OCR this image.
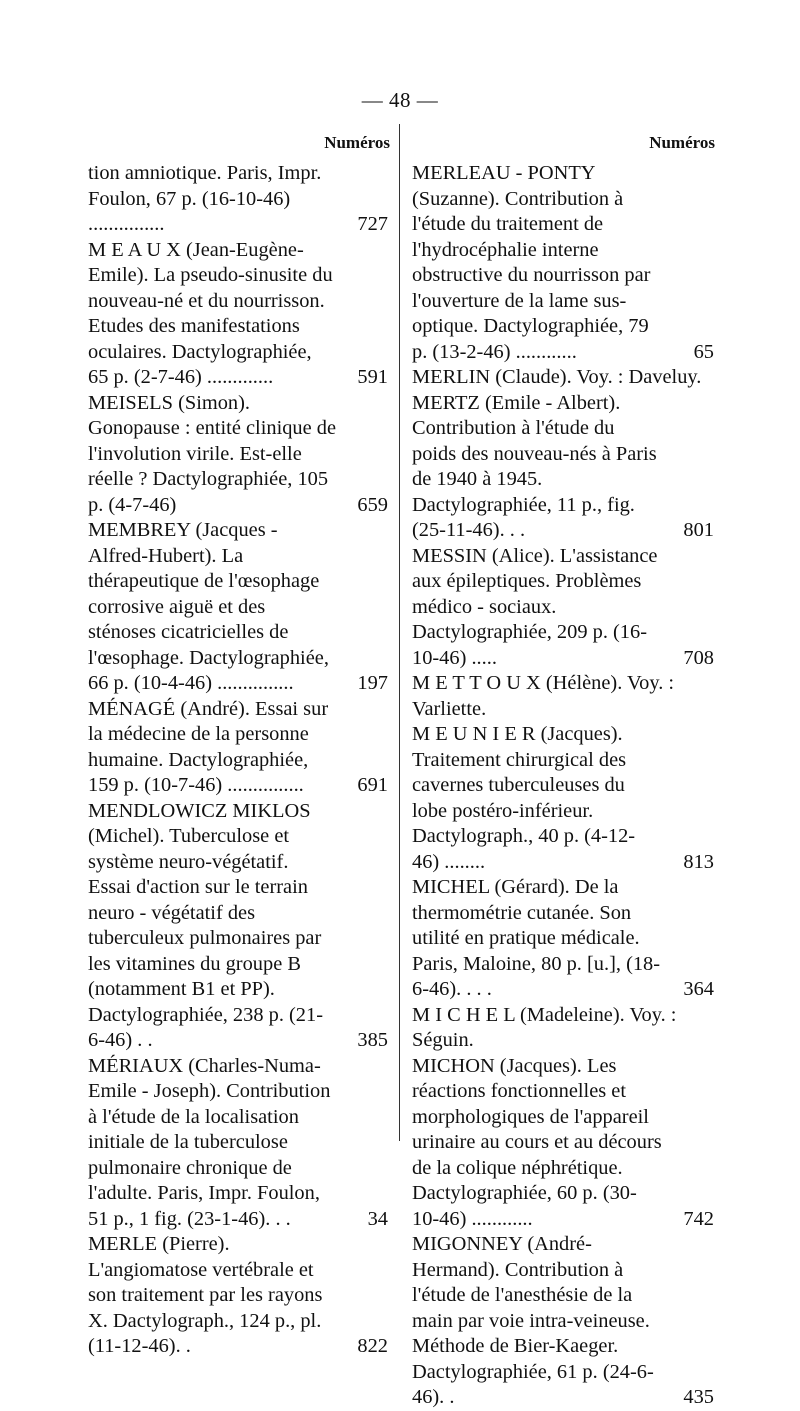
— 48 —
Numéros	Numéros
tion amniotique. Paris, Impr. Foulon, 67 p. (16-10-46) ...............	727
M E A U X (Jean-Eugène-Emile). La pseudo-sinusite du nouveau-né et du nourrisson. Etudes des manifestations oculaires. Dactylographiée, 65 p. (2-7-46) .............	591
MEISELS (Simon). Gonopause : entité clinique de l'involution virile. Est-elle réelle ? Dactylographiée, 105 p. (4-7-46)	659
MEMBREY (Jacques - Alfred-Hubert). La thérapeutique de l'œsophage corrosive aiguë et des sténoses cicatricielles de l'œsophage. Dactylographiée, 66 p. (10-4-46) ...............	197
MÉNAGÉ (André). Essai sur la médecine de la personne humaine. Dactylographiée, 159 p. (10-7-46) ...............	691
MENDLOWICZ MIKLOS (Michel). Tuberculose et système neuro-végétatif. Essai d'action sur le terrain neuro - végétatif des tuberculeux pulmonaires par les vitamines du groupe B (notamment B1 et PP). Dactylographiée, 238 p. (21-6-46) . .	385
MÉRIAUX (Charles-Numa-Emile - Joseph). Contribution à l'étude de la localisation initiale de la tuberculose pulmonaire chronique de l'adulte. Paris, Impr. Foulon, 51 p., 1 fig. (23-1-46). . .	34
MERLE (Pierre). L'angiomatose vertébrale et son traitement par les rayons X. Dactylograph., 124 p., pl. (11-12-46). .	822
MERLEAU - PONTY (Suzanne). Contribution à l'étude du traitement de l'hydrocéphalie interne obstructive du nourrisson par l'ouverture de la lame sus-optique. Dactylographiée, 79 p. (13-2-46) ............	65
MERLIN (Claude). Voy. : Daveluy.
MERTZ (Emile - Albert). Contribution à l'étude du poids des nouveau-nés à Paris de 1940 à 1945. Dactylographiée, 11 p., fig. (25-11-46). . .	801
MESSIN (Alice). L'assistance aux épileptiques. Problèmes médico - sociaux. Dactylographiée, 209 p. (16-10-46) .....	708
M E T T O U X (Hélène). Voy. : Varliette.
M E U N I E R (Jacques). Traitement chirurgical des cavernes tuberculeuses du lobe postéro-inférieur. Dactylograph., 40 p. (4-12-46) ........	813
MICHEL (Gérard). De la thermométrie cutanée. Son utilité en pratique médicale. Paris, Maloine, 80 p. [u.], (18-6-46). . . .	364
M I C H E L (Madeleine). Voy. : Séguin.
MICHON (Jacques). Les réactions fonctionnelles et morphologiques de l'appareil urinaire au cours et au décours de la colique néphrétique. Dactylographiée, 60 p. (30-10-46) ............	742
MIGONNEY (André-Hermand). Contribution à l'étude de l'anesthésie de la main par voie intra-veineuse. Méthode de Bier-Kaeger. Dactylographiée, 61 p. (24-6-46). .	435
